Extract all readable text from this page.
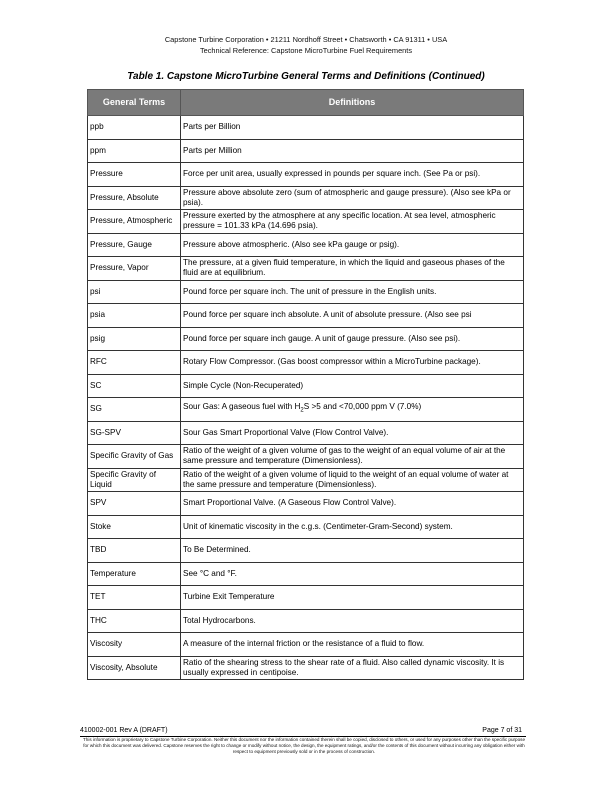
Capstone Turbine Corporation • 21211 Nordhoff Street • Chatsworth • CA 91311 • USA
Technical Reference: Capstone MicroTurbine Fuel Requirements
Table 1. Capstone MicroTurbine General Terms and Definitions (Continued)
General Terms	Definitions
ppb	Parts per Billion
ppm	Parts per Million
Pressure	Force per unit area, usually expressed in pounds per square inch. (See Pa or psi).
Pressure, Absolute	Pressure above absolute zero (sum of atmospheric and gauge pressure). (Also see kPa or psia).
Pressure, Atmospheric	Pressure exerted by the atmosphere at any specific location. At sea level, atmospheric pressure = 101.33 kPa (14.696 psia).
Pressure, Gauge	Pressure above atmospheric. (Also see kPa gauge or psig).
Pressure, Vapor	The pressure, at a given fluid temperature, in which the liquid and gaseous phases of the fluid are at equilibrium.
psi	Pound force per square inch. The unit of pressure in the English units.
psia	Pound force per square inch absolute. A unit of absolute pressure. (Also see psi
psig	Pound force per square inch gauge. A unit of gauge pressure. (Also see psi).
RFC	Rotary Flow Compressor. (Gas boost compressor within a MicroTurbine package).
SC	Simple Cycle (Non-Recuperated)
SG	Sour Gas: A gaseous fuel with $H_2S >5$ and <70,000 ppm V (7.0%)
SG-SPV	Sour Gas Smart Proportional Valve (Flow Control Valve).
Specific Gravity of Gas	Ratio of the weight of a given volume of gas to the weight of an equal volume of air at the same pressure and temperature (Dimensionless).
Specific Gravity of Liquid	Ratio of the weight of a given volume of liquid to the weight of an equal volume of water at the same pressure and temperature (Dimensionless).
SPV	Smart Proportional Valve. (A Gaseous Flow Control Valve).
Stoke	Unit of kinematic viscosity in the c.g.s. (Centimeter-Gram-Second) system.
TBD	To Be Determined.
Temperature	See °C and °F.
TET	Turbine Exit Temperature
THC	Total Hydrocarbons.
Viscosity	A measure of the internal friction or the resistance of a fluid to flow.
Viscosity, Absolute	Ratio of the shearing stress to the shear rate of a fluid. Also called dynamic viscosity. It is usually expressed in centipoise.
410002-001 Rev A (DRAFT)	Page 7 of 31
This information is proprietary to Capstone Turbine Corporation. Neither this document nor the information contained therein shall be copied, disclosed to others, or used for any purposes other than the specific purpose for which this document was delivered. Capstone reserves the right to change or modify without notice, the design, the equipment ratings, and/or the contents of this document without incurring any obligation either with respect to equipment previously sold or in the process of construction.
